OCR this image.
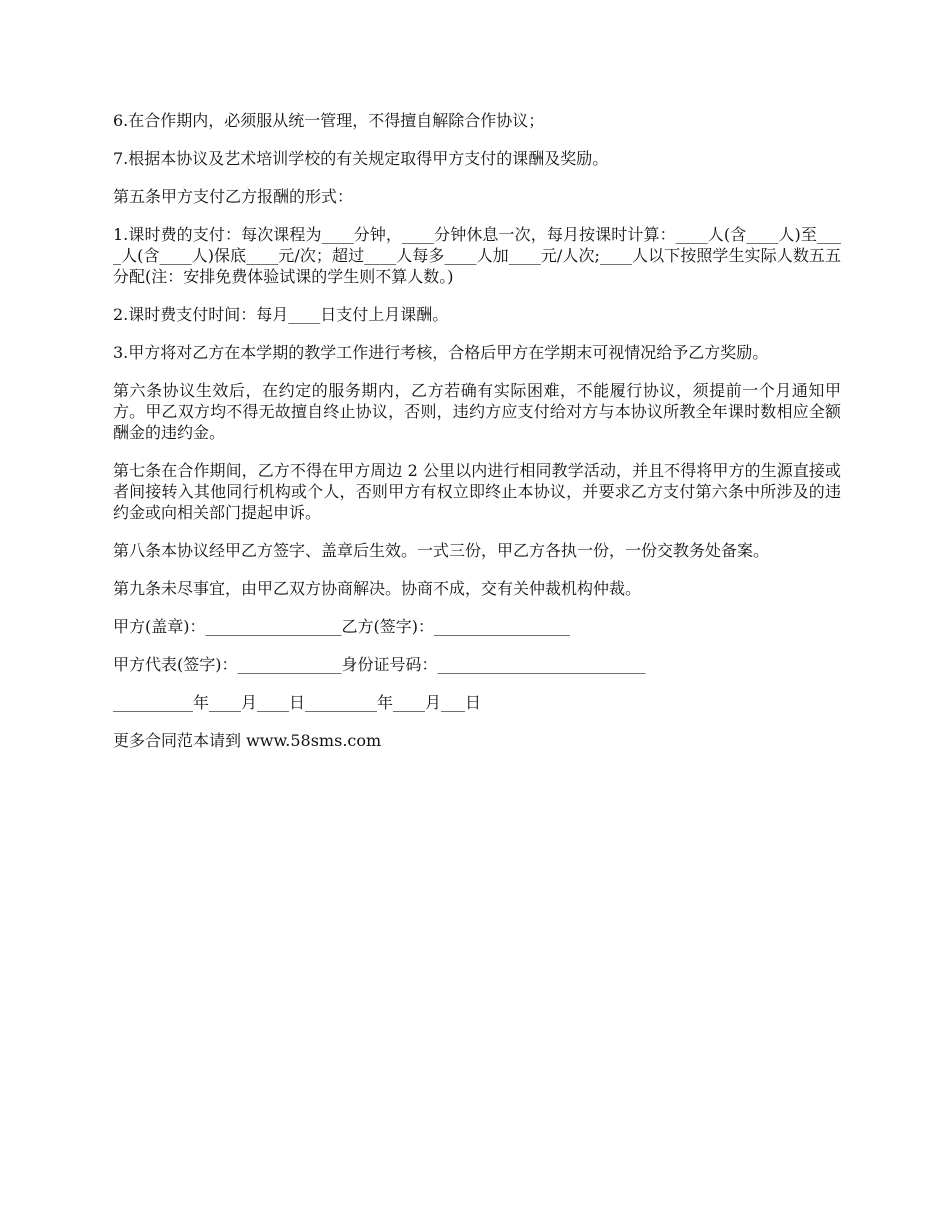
6.在合作期内，必须服从统一管理，不得擅自解除合作协议；

7.根据本协议及艺术培训学校的有关规定取得甲方支付的课酬及奖励。

第五条甲方支付乙方报酬的形式：

1.课时费的支付：每次课程为____分钟，____分钟休息一次，每月按课时计算：____人(含____人)至____人(含____人)保底____元/次；超过____人每多____人加____元/人次;____人以下按照学生实际人数五五分配(注：安排免费体验试课的学生则不算人数。)

2.课时费支付时间：每月____日支付上月课酬。

3.甲方将对乙方在本学期的教学工作进行考核，合格后甲方在学期末可视情况给予乙方奖励。

第六条协议生效后，在约定的服务期内，乙方若确有实际困难，不能履行协议，须提前一个月通知甲方。甲乙双方均不得无故擅自终止协议，否则，违约方应支付给对方与本协议所教全年课时数相应全额酬金的违约金。

第七条在合作期间，乙方不得在甲方周边 2 公里以内进行相同教学活动，并且不得将甲方的生源直接或者间接转入其他同行机构或个人，否则甲方有权立即终止本协议，并要求乙方支付第六条中所涉及的违约金或向相关部门提起申诉。

第八条本协议经甲乙方签字、盖章后生效。一式三份，甲乙方各执一份，一份交教务处备案。

第九条未尽事宜，由甲乙双方协商解决。协商不成，交有关仲裁机构仲裁。

甲方(盖章)：_________________乙方(签字)：_________________

甲方代表(签字)：_____________身份证号码：__________________________

__________年____月____日_________年____月___日

更多合同范本请到 www.58sms.com
